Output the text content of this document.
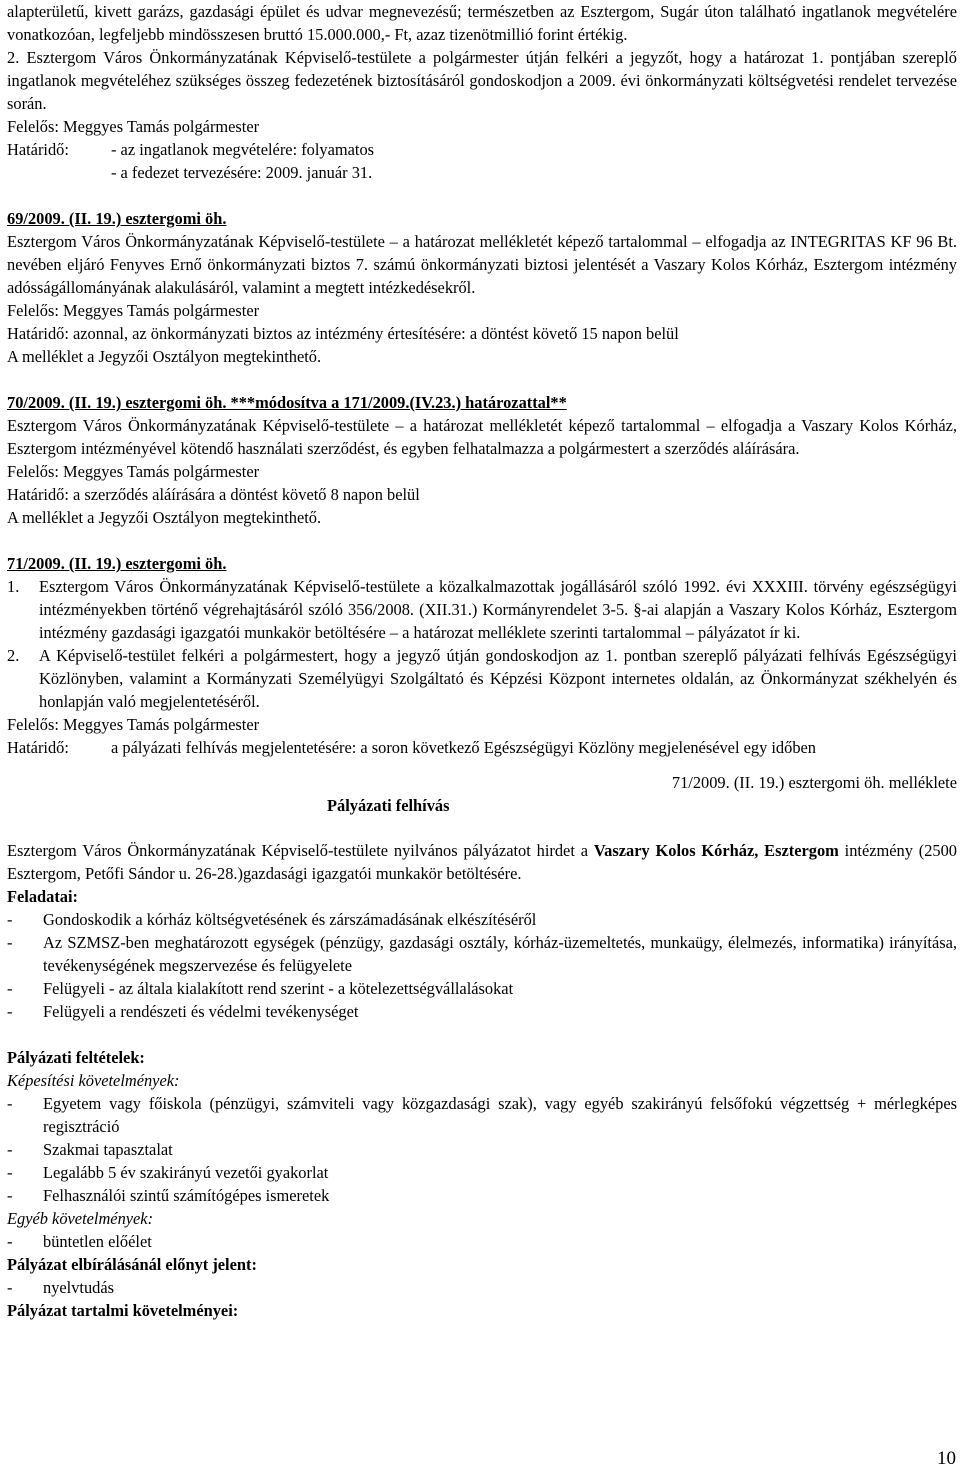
alapterületű, kivett garázs, gazdasági épület és udvar megnevezésű; természetben az Esztergom, Sugár úton található ingatlanok megvételére vonatkozóan, legfeljebb mindösszesen bruttó 15.000.000,- Ft, azaz tizenötmillió forint értékig.

2. Esztergom Város Önkormányzatának Képviselő-testülete a polgármester útján felkéri a jegyzőt, hogy a határozat 1. pontjában szereplő ingatlanok megvételéhez szükséges összeg fedezetének biztosításáról gondoskodjon a 2009. évi önkormányzati költségvetési rendelet tervezése során.

Felelős: Meggyes Tamás polgármester

Határidő:	- az ingatlanok megvételére: folyamatos

- a fedezet tervezésére: 2009. január 31.

69/2009. (II. 19.) esztergomi öh.

Esztergom Város Önkormányzatának Képviselő-testülete – a határozat mellékletét képező tartalommal – elfogadja az INTEGRITAS KF 96 Bt. nevében eljáró Fenyves Ernő önkormányzati biztos 7. számú önkormányzati biztosi jelentését a Vaszary Kolos Kórház, Esztergom intézmény adósságállományának alakulásáról, valamint a megtett intézkedésekről.

Felelős: Meggyes Tamás polgármester

Határidő: azonnal, az önkormányzati biztos az intézmény értesítésére: a döntést követő 15 napon belül

A melléklet a Jegyzői Osztályon megtekinthető.

70/2009. (II. 19.) esztergomi öh. ***módosítva a 171/2009.(IV.23.) határozattal**

Esztergom Város Önkormányzatának Képviselő-testülete – a határozat mellékletét képező tartalommal – elfogadja a Vaszary Kolos Kórház, Esztergom intézményével kötendő használati szerződést, és egyben felhatalmazza a polgármestert a szerződés aláírására.

Felelős: Meggyes Tamás polgármester

Határidő: a szerződés aláírására a döntést követő 8 napon belül

A melléklet a Jegyzői Osztályon megtekinthető.

71/2009. (II. 19.) esztergomi öh.

1.	Esztergom Város Önkormányzatának Képviselő-testülete a közalkalmazottak jogállásáról szóló 1992. évi XXXIII. törvény egészségügyi intézményekben történő végrehajtásáról szóló 356/2008. (XII.31.) Kormányrendelet 3-5. §-ai alapján a Vaszary Kolos Kórház, Esztergom intézmény gazdasági igazgatói munkakör betöltésére – a határozat melléklete szerinti tartalommal – pályázatot ír ki.
2.	A Képviselő-testület felkéri a polgármestert, hogy a jegyző útján gondoskodjon az 1. pontban szereplő pályázati felhívás Egészségügyi Közlönyben, valamint a Kormányzati Személyügyi Szolgáltató és Képzési Központ internetes oldalán, az Önkormányzat székhelyén és honlapján való megjelentetéséről.

Felelős: Meggyes Tamás polgármester

Határidő:	a pályázati felhívás megjelentetésére: a soron következő Egészségügyi Közlöny megjelenésével egy időben
71/2009. (II. 19.) esztergomi öh. melléklete
Pályázati felhívás

Esztergom Város Önkormányzatának Képviselő-testülete nyilvános pályázatot hirdet a Vaszary Kolos Kórház, Esztergom intézmény (2500 Esztergom, Petőfi Sándor u. 26-28.)gazdasági igazgatói munkakör betöltésére.

Feladatai:

-	Gondoskodik a kórház költségvetésének és zárszámadásának elkészítéséről
-	Az SZMSZ-ben meghatározott egységek (pénzügy, gazdasági osztály, kórház-üzemeltetés, munkaügy, élelmezés, informatika) irányítása, tevékenységének megszervezése és felügyelete
-	Felügyeli - az általa kialakított rend szerint - a kötelezettségvállalásokat
-	Felügyeli a rendészeti és védelmi tevékenységet

Pályázati feltételek:

Képesítési követelmények:

-	Egyetem vagy főiskola (pénzügyi, számviteli vagy közgazdasági szak), vagy egyéb szakirányú felsőfokú végzettség + mérlegképes regisztráció
-	Szakmai tapasztalat
-	Legalább 5 év szakirányú vezetői gyakorlat
-	Felhasználói szintű számítógépes ismeretek

Egyéb követelmények:

-	büntetlen előélet

Pályázat elbírálásánál előnyt jelent:

-	nyelvtudás

Pályázat tartalmi követelményei:

10
